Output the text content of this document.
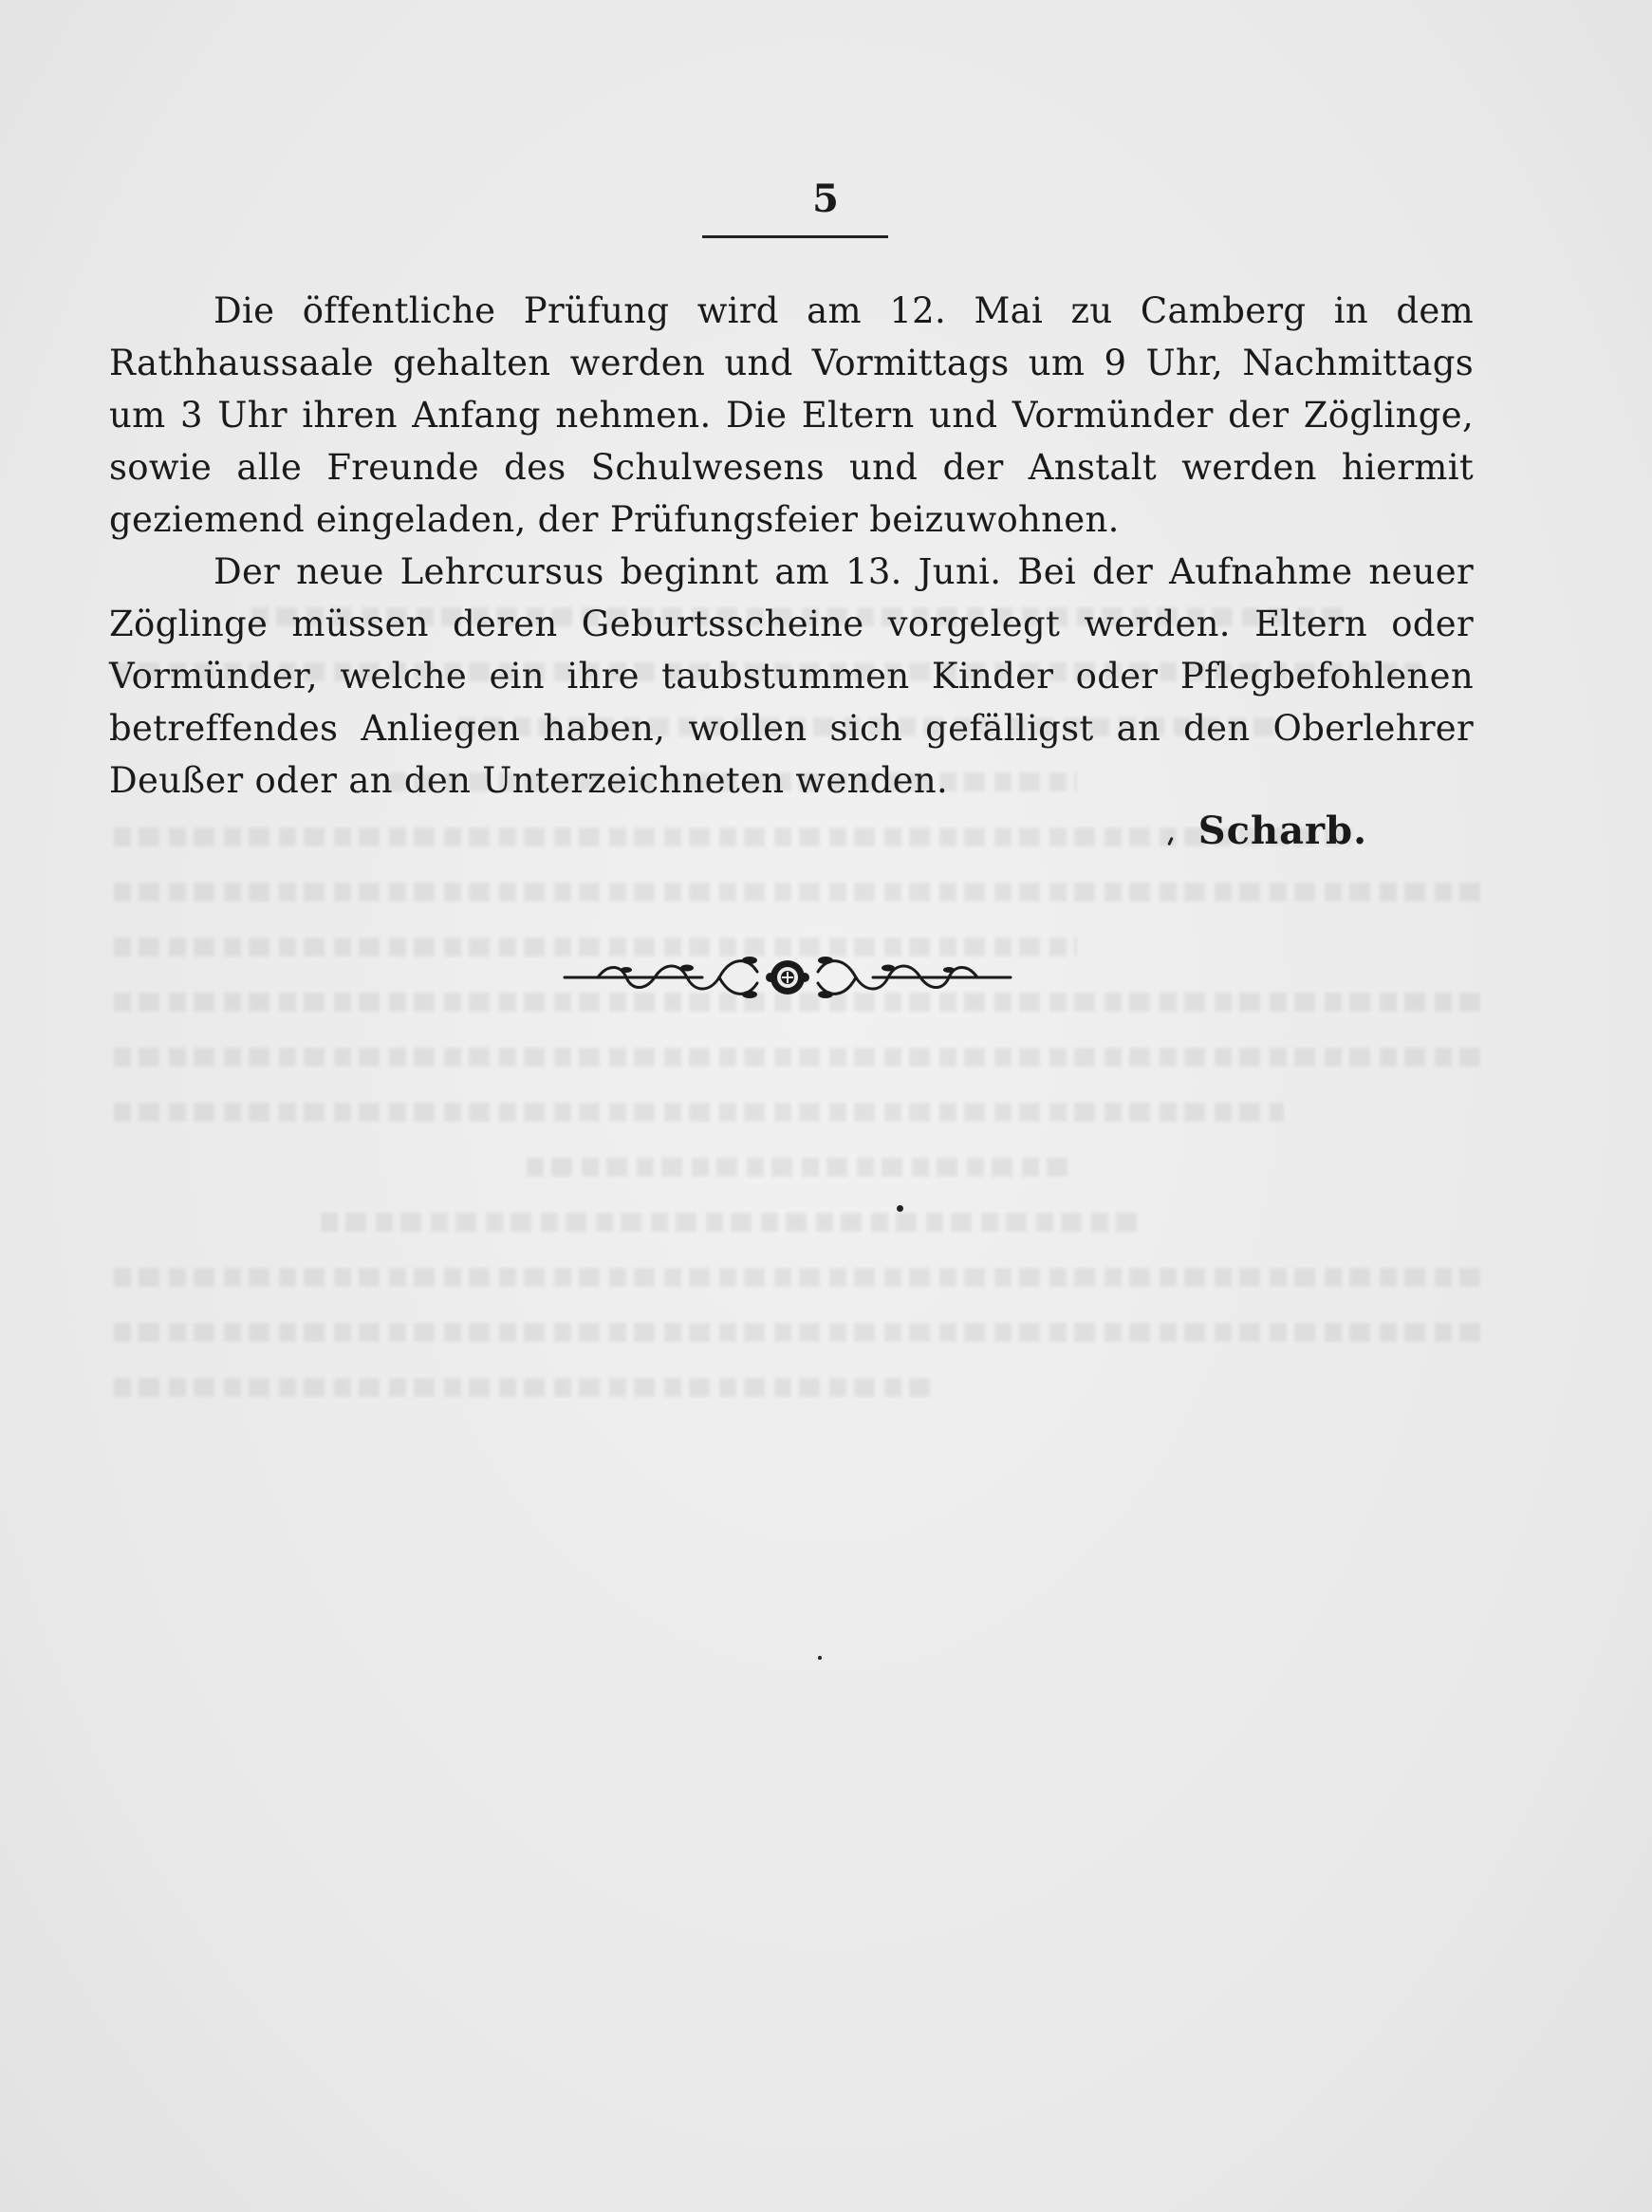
5

Die öffentliche Prüfung wird am 12. Mai zu Camberg in dem Rathhaussaale gehalten werden und Vormittags um 9 Uhr, Nachmittags um 3 Uhr ihren Anfang nehmen. Die Eltern und Vormünder der Zöglinge, sowie alle Freunde des Schulwesens und der Anstalt werden hiermit geziemend eingeladen, der Prüfungsfeier beizuwohnen.

Der neue Lehrcursus beginnt am 13. Juni. Bei der Aufnahme neuer Zöglinge müssen deren Geburtsscheine vorgelegt werden. Eltern oder Vormünder, welche ein ihre taubstummen Kinder oder Pflegbefohlenen betreffendes Anliegen haben, wollen sich gefälligst an den Oberlehrer Deußer oder an den Unterzeichneten wenden.

Scharb.
